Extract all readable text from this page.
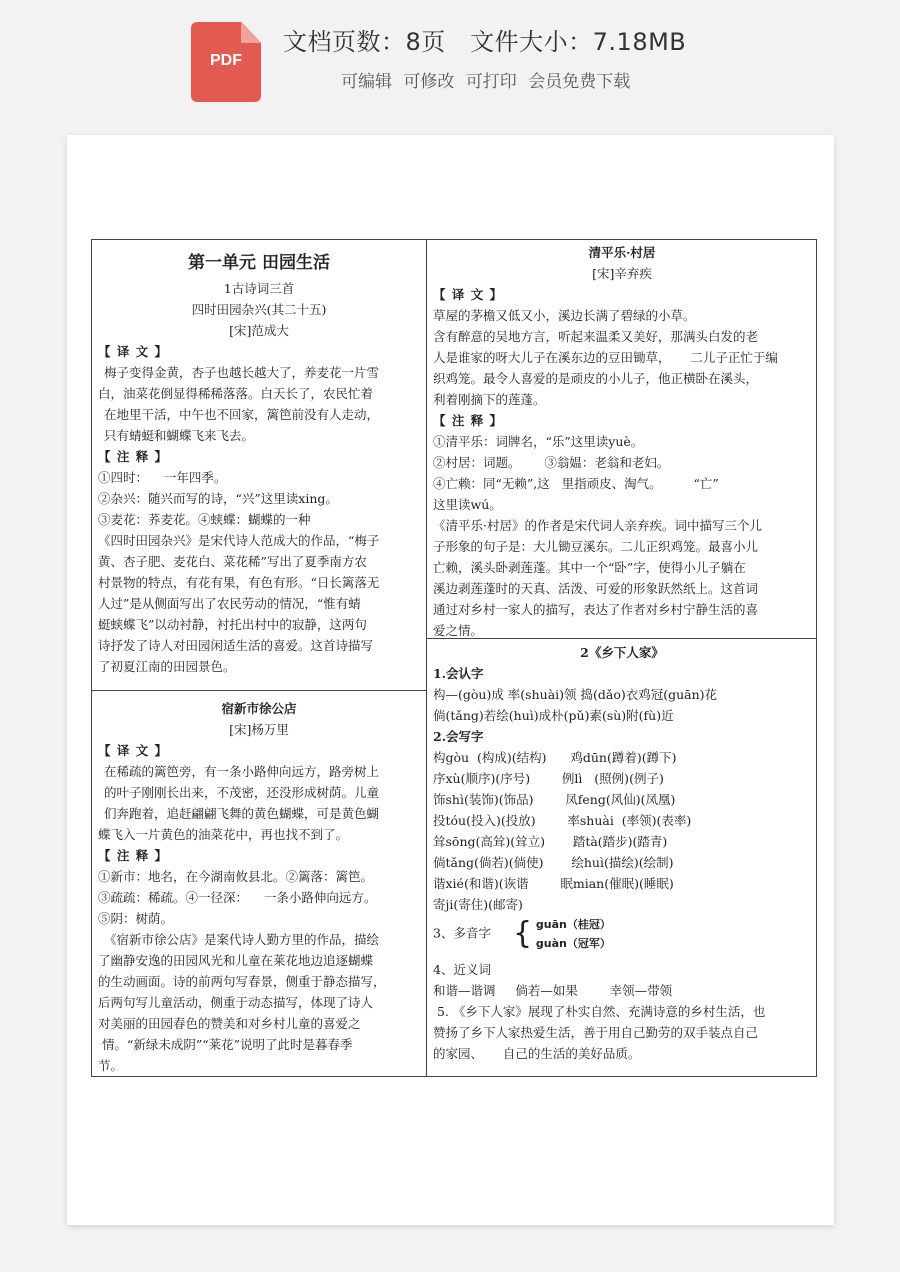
PDF
文档页数：8页   文件大小：7.18MB
可编辑 可修改 可打印 会员免费下载

第一单元 田园生活

1古诗词三首

四时田园杂兴(其二十五)

[宋]范成大

【 译 文 】

梅子变得金黄，杏子也越长越大了，养麦花一片雪

白，油菜花倒显得稀稀落落。白天长了，农民忙着

在地里干活，中午也不回家，篱笆前没有人走动，

只有蜻蜓和蝴蝶飞来飞去。

【 注 释 】

①四时：    一年四季。

②杂兴：随兴而写的诗，“兴”这里读xing。

③麦花：荞麦花。④蛱蝶：蝴蝶的一种

《四时田园杂兴》是宋代诗人范成大的作品，“梅子

黄、杏子肥、麦花白、菜花稀”写出了夏季南方农

村景物的特点，有花有果，有色有形。“日长篱落无

人过”是从侧面写出了农民劳动的情况，“惟有蜻

蜓蛱蝶飞”以动衬静，衬托出村中的寂静，这两句

诗抒发了诗人对田园闲适生活的喜爱。这首诗描写

了初夏江南的田园景色。

宿新市徐公店

[宋]杨万里

【 译 文 】

在稀疏的篱笆旁，有一条小路伸向远方，路旁树上

的叶子刚刚长出来，不茂密，还没形成树荫。儿童

们奔跑着，追赶翩翩飞舞的黄色蝴蝶，可是黄色蝴

蝶飞入一片黄色的油菜花中，再也找不到了。

【 注 释 】

①新市：地名，在今湖南攸县北。②篱落：篱笆。

③疏疏：稀疏。④一径深：    一条小路伸向远方。

⑤阴：树荫。

《宿新市徐公店》是案代诗人勤方里的作品，描绘

了幽静安逸的田园风光和儿童在莱花地边追逐蝴蝶

的生动画面。诗的前两句写春景，侧重于静态描写，

后两句写儿童活动，侧重于动态描写，体现了诗人

对美丽的田园春色的赞美和对乡村儿童的喜爱之

情。“新绿未成阴”“莱花”说明了此时是暮春季

节。

清平乐·村居

[宋]辛弃疾

【 译 文 】

草屋的茅檐又低又小，溪边长满了碧绿的小草。

含有醉意的吴地方言，听起来温柔又美好，那满头白发的老

人是谁家的呀大儿子在溪东边的豆田锄草，     二儿子正忙于编

织鸡笼。最令人喜爱的是顽皮的小儿子，他正横卧在溪头，

利着刚摘下的莲蓬。

【 注 释 】

①清平乐：词牌名，“乐”这里读yuè。

②村居：词题。      ③翁媪：老翁和老妇。

④亡赖：同“无赖”,这   里指顽皮、淘气。        “亡”

这里读wú。

《清平乐·村居》的作者是宋代词人亲弃疾。词中描写三个儿

子形象的句子是：大儿锄豆溪东。二儿正织鸡笼。最喜小儿

亡赖，溪头卧剥莲蓬。其中一个“卧”字，使得小儿子躺在

溪边剥莲蓬时的天真、活泼、可爱的形象跃然纸上。这首词

通过对乡村一家人的描写，表达了作者对乡村宁静生活的喜

爱之情。

2《乡下人家》

1.会认字

构—(gòu)成 率(shuài)领 捣(dǎo)衣鸡冠(guān)花

倘(tǎng)若绘(huì)成朴(pǔ)素(sù)附(fù)近

2.会写字

构gòu  (构成)(结构)      鸡dūn(蹲着)(蹲下)

序xù(顺序)(序号)        例lì   (照例)(例子)

饰shì(装饰)(饰品)        凤feng(风仙)(凤凰)

投tóu(投入)(投放)        率shuài  (率领)(表率)

耸sōng(高耸)(耸立)       踏tà(踏步)(踏青)

倘tǎng(倘若)(倘使)       绘huì(描绘)(绘制)

谐xié(和谐)(诙谐        眠mian(催眠)(睡眠)

寄ji(寄住)(邮寄)

3、多音字 { guān（桂冠）
guàn（冠军）

4、近义词

和谐—谐调     倘若—如果        幸领—带领

5. 《乡下人家》展现了朴实自然、充满诗意的乡村生活，也

赞扬了乡下人家热爱生活，善于用自己勤劳的双手装点自己

的家园、     自己的生活的美好品质。
